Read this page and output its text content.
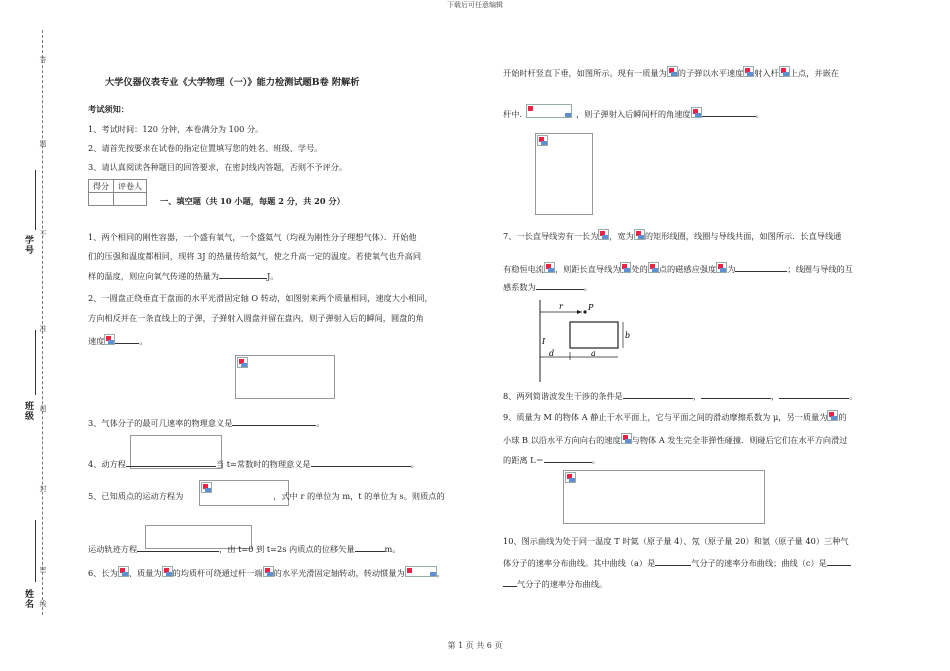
下载后可任意编辑
第 1 页 共 6 页
答
题
不
准
超
封
密
线
学号
班级
姓名
大学仪器仪表专业《大学物理（一）》能力检测试题B卷 附解析
考试须知：
1、考试时间：120 分钟，本卷满分为 100 分。
2、请首先按要求在试卷的指定位置填写您的姓名、班级、学号。
3、请认真阅读各种题目的回答要求，在密封线内答题，否则不予评分。
得分	评卷人

一、填空题（共 10 小题，每题 2 分，共 20 分）
1、两个相同的刚性容器，一个盛有氧气，一个盛氦气（均视为刚性分子理想气体）．开始他
们的压强和温度都相同，现将 3J 的热量传给氦气，使之升高一定的温度。若使氧气也升高同
样的温度，则应向氧气传递的热量为	J。
2、一圆盘正绕垂直于盘面的水平光滑固定轴 O 转动，如图射来两个质量相同，速度大小相同，
方向相反并在一条直线上的子弹，子弹射入圆盘并留在盘内，则子弹射入后的瞬间，圆盘的角
速度	。
3、气体分子的最可几速率的物理意义是	。
4、动方程	当 t=常数时的物理意义是	。
5、已知质点的运动方程为	，式中 r 的单位为 m，t 的单位为 s。则质点的
运动轨迹方程	，由 t=0 到 t=2s 内质点的位移矢量	m。
6、长为 、质量为 的均质杆可绕通过杆一端 的水平光滑固定轴转动，转动惯量为	，
开始时杆竖直下垂，如图所示。现有一质量为 的子弹以水平速度 射入杆 上点，并嵌在
杆中.	，则子弹射入后瞬间杆的角速度	。
7、一长直导线旁有一长为 ，宽为 的矩形线圈，线圈与导线共面，如图所示．长直导线通
有稳恒电流 ，则距长直导线为 处的 点的磁感应强度 为	；线圈与导线的互
感系数为	。
r	P
I
b
d	a
8、两列简谐波发生干涉的条件是	，	，	。
9、质量为 M 的物体 A 静止于水平面上，它与平面之间的滑动摩擦系数为 μ，另一质量为 的
小球 B 以沿水平方向向右的速度 与物体 A 发生完全非弹性碰撞．则碰后它们在水平方向滑过
的距离 L＝	。
10、图示曲线为处于同一温度 T 时氦（原子量 4）、氖（原子量 20）和氩（原子量 40）三种气
体分子的速率分布曲线。其中曲线（a）是	气分子的速率分布曲线；曲线（c）是
气分子的速率分布曲线。
